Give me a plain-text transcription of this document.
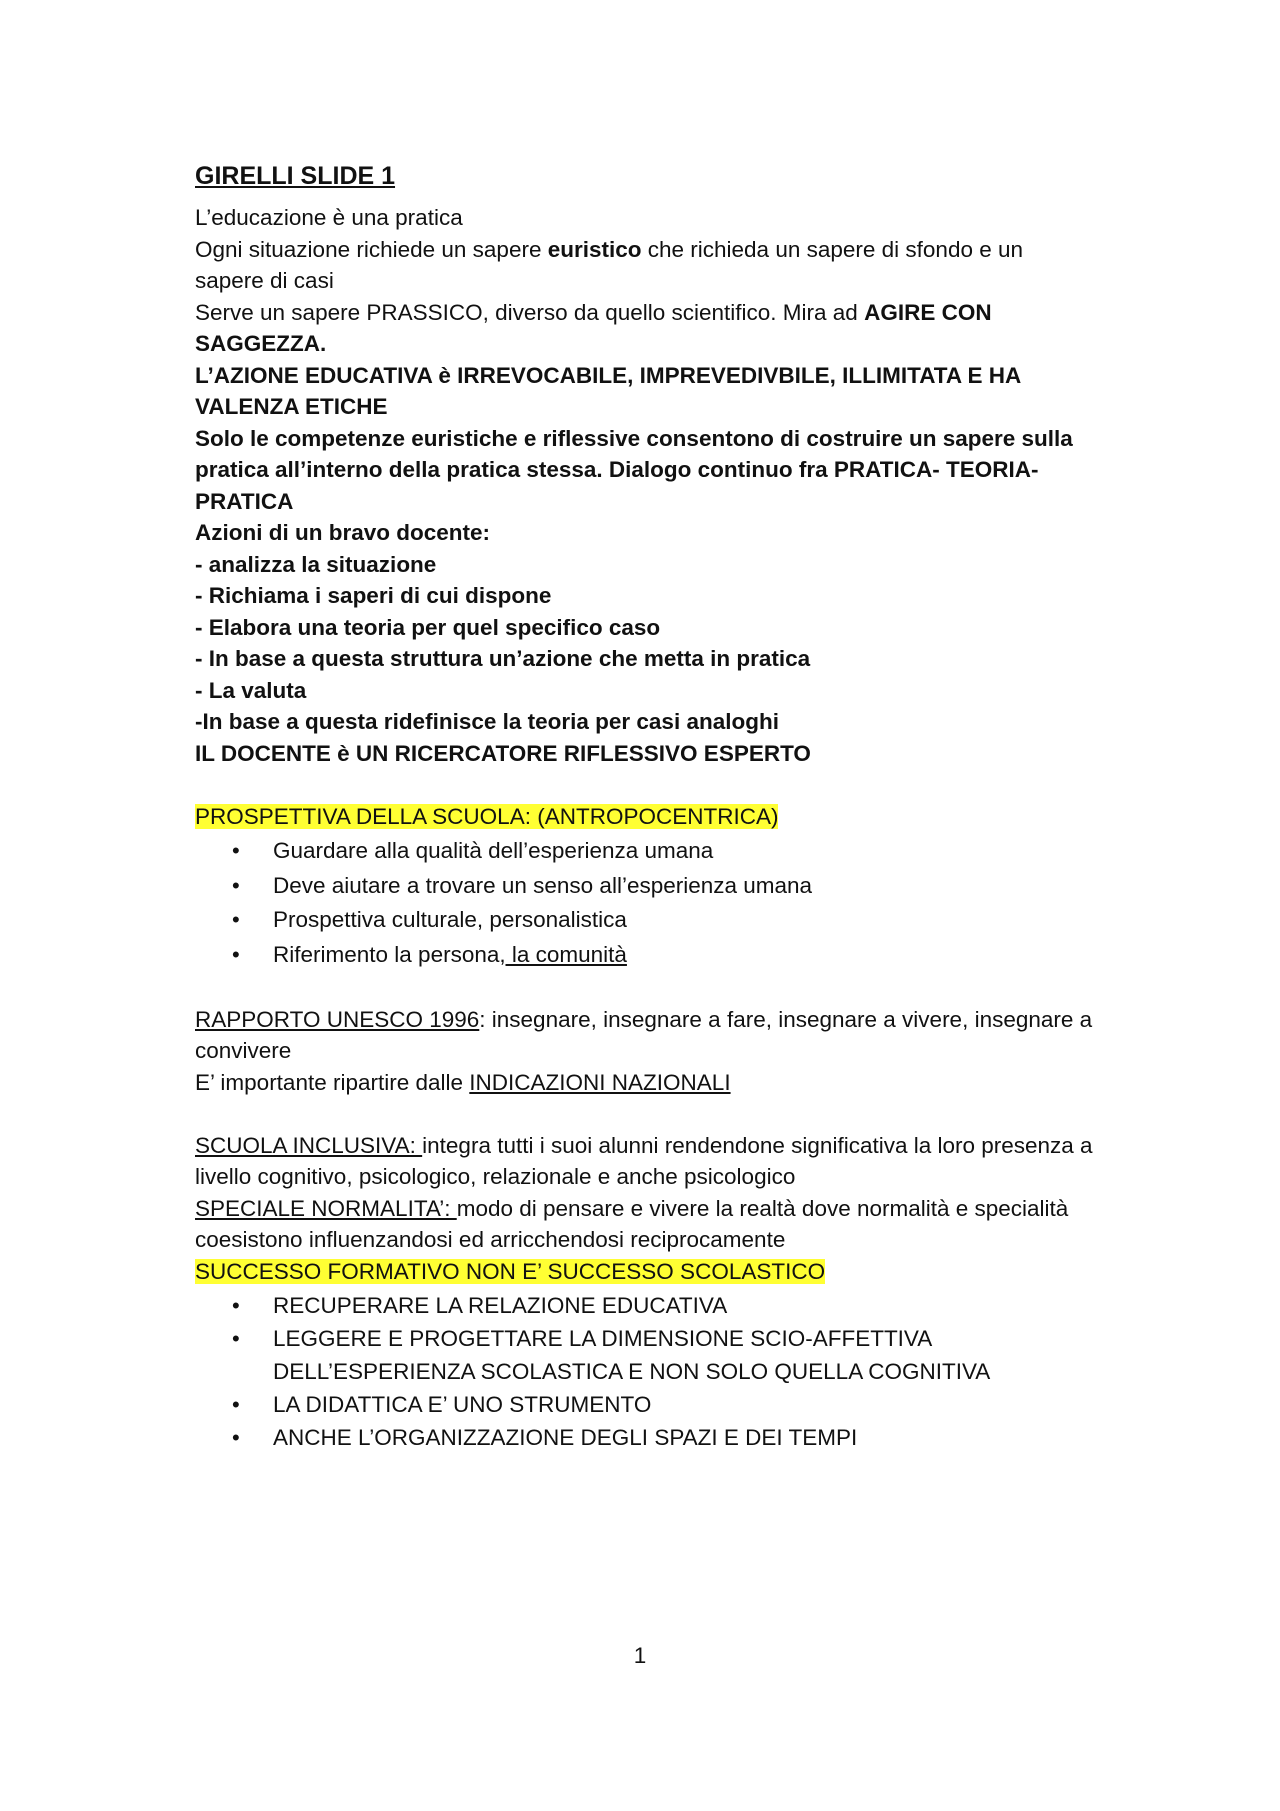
GIRELLI SLIDE 1

L’educazione è una pratica

Ogni situazione richiede un sapere euristico che richieda un sapere di sfondo e un sapere di casi

Serve un sapere PRASSICO, diverso da quello scientifico. Mira ad AGIRE CON SAGGEZZA.

L’AZIONE EDUCATIVA è IRREVOCABILE, IMPREVEDIVBILE, ILLIMITATA E HA VALENZA ETICHE

Solo le competenze euristiche e riflessive consentono di costruire un sapere sulla pratica all’interno della pratica stessa. Dialogo continuo fra PRATICA- TEORIA-PRATICA

Azioni di un bravo docente:

- analizza la situazione

- Richiama i saperi di cui dispone

- Elabora una teoria per quel specifico caso

- In base a questa struttura un’azione che metta in pratica

- La valuta

-In base a questa ridefinisce la teoria per casi analoghi

IL DOCENTE è UN RICERCATORE RIFLESSIVO ESPERTO

PROSPETTIVA DELLA SCUOLA: (ANTROPOCENTRICA)

• Guardare alla qualità dell’esperienza umana
• Deve aiutare a trovare un senso all’esperienza umana
• Prospettiva culturale, personalistica
• Riferimento la persona, la comunità

RAPPORTO UNESCO 1996: insegnare, insegnare a fare, insegnare a vivere, insegnare a convivere

E’ importante ripartire dalle INDICAZIONI NAZIONALI

SCUOLA INCLUSIVA: integra tutti i suoi alunni rendendone significativa la loro presenza a livello cognitivo, psicologico, relazionale e anche psicologico

SPECIALE NORMALITA’: modo di pensare e vivere la realtà dove normalità e specialità coesistono influenzandosi ed arricchendosi reciprocamente

SUCCESSO FORMATIVO NON E’ SUCCESSO SCOLASTICO

• RECUPERARE LA RELAZIONE EDUCATIVA
• LEGGERE E PROGETTARE LA DIMENSIONE SCIO-AFFETTIVA DELL’ESPERIENZA SCOLASTICA E NON SOLO QUELLA COGNITIVA
• LA DIDATTICA E’ UNO STRUMENTO
• ANCHE L’ORGANIZZAZIONE DEGLI SPAZI E DEI TEMPI
1
